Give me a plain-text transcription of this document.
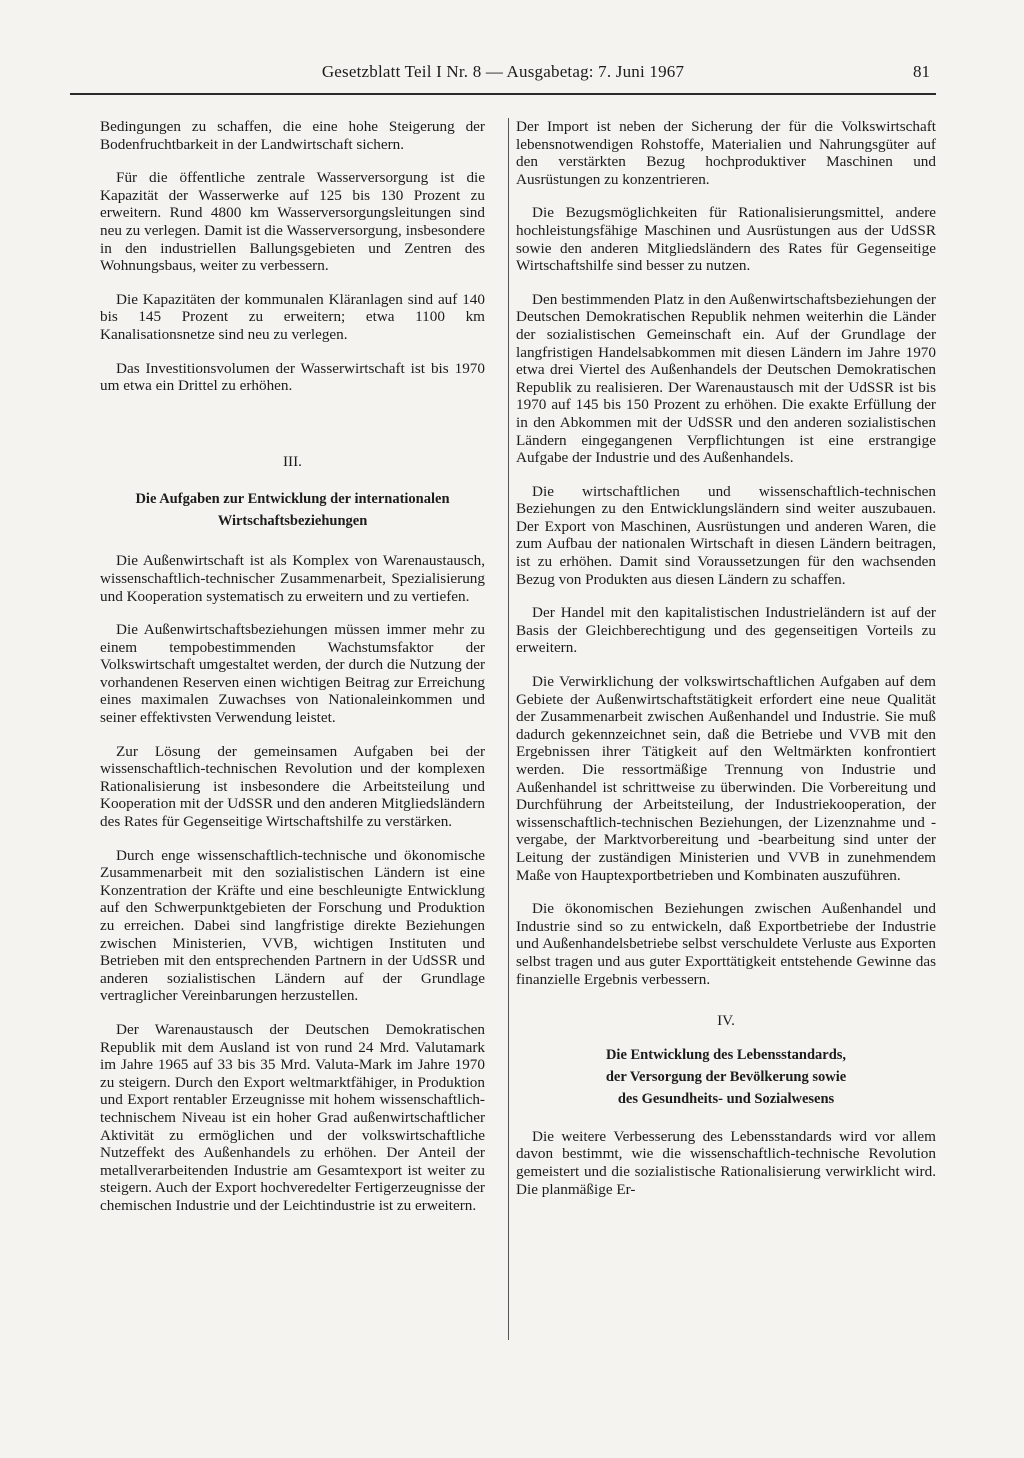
Gesetzblatt Teil I Nr. 8 — Ausgabetag: 7. Juni 1967	81

Bedingungen zu schaffen, die eine hohe Steigerung der Bodenfruchtbarkeit in der Landwirtschaft sichern.

Für die öffentliche zentrale Wasserversorgung ist die Kapazität der Wasserwerke auf 125 bis 130 Prozent zu erweitern. Rund 4800 km Wasserversorgungsleitungen sind neu zu verlegen. Damit ist die Wasserversorgung, insbesondere in den industriellen Ballungsgebieten und Zentren des Wohnungsbaus, weiter zu verbessern.

Die Kapazitäten der kommunalen Kläranlagen sind auf 140 bis 145 Prozent zu erweitern; etwa 1100 km Kanalisationsnetze sind neu zu verlegen.

Das Investitionsvolumen der Wasserwirtschaft ist bis 1970 um etwa ein Drittel zu erhöhen.

III.
Die Aufgaben zur Entwicklung der internationalen
Wirtschaftsbeziehungen

Die Außenwirtschaft ist als Komplex von Warenaustausch, wissenschaftlich-technischer Zusammenarbeit, Spezialisierung und Kooperation systematisch zu erweitern und zu vertiefen.

Die Außenwirtschaftsbeziehungen müssen immer mehr zu einem tempobestimmenden Wachstumsfaktor der Volkswirtschaft umgestaltet werden, der durch die Nutzung der vorhandenen Reserven einen wichtigen Beitrag zur Erreichung eines maximalen Zuwachses von Nationaleinkommen und seiner effektivsten Verwendung leistet.

Zur Lösung der gemeinsamen Aufgaben bei der wissenschaftlich-technischen Revolution und der komplexen Rationalisierung ist insbesondere die Arbeitsteilung und Kooperation mit der UdSSR und den anderen Mitgliedsländern des Rates für Gegenseitige Wirtschaftshilfe zu verstärken.

Durch enge wissenschaftlich-technische und ökonomische Zusammenarbeit mit den sozialistischen Ländern ist eine Konzentration der Kräfte und eine beschleunigte Entwicklung auf den Schwerpunktgebieten der Forschung und Produktion zu erreichen. Dabei sind langfristige direkte Beziehungen zwischen Ministerien, VVB, wichtigen Instituten und Betrieben mit den entsprechenden Partnern in der UdSSR und anderen sozialistischen Ländern auf der Grundlage vertraglicher Vereinbarungen herzustellen.

Der Warenaustausch der Deutschen Demokratischen Republik mit dem Ausland ist von rund 24 Mrd. Valutamark im Jahre 1965 auf 33 bis 35 Mrd. Valuta-Mark im Jahre 1970 zu steigern. Durch den Export weltmarktfähiger, in Produktion und Export rentabler Erzeugnisse mit hohem wissenschaftlich-technischem Niveau ist ein hoher Grad außenwirtschaftlicher Aktivität zu ermöglichen und der volkswirtschaftliche Nutzeffekt des Außenhandels zu erhöhen. Der Anteil der metallverarbeitenden Industrie am Gesamtexport ist weiter zu steigern. Auch der Export hochveredelter Fertigerzeugnisse der chemischen Industrie und der Leichtindustrie ist zu erweitern.

Der Import ist neben der Sicherung der für die Volkswirtschaft lebensnotwendigen Rohstoffe, Materialien und Nahrungsgüter auf den verstärkten Bezug hochproduktiver Maschinen und Ausrüstungen zu konzentrieren.

Die Bezugsmöglichkeiten für Rationalisierungsmittel, andere hochleistungsfähige Maschinen und Ausrüstungen aus der UdSSR sowie den anderen Mitgliedsländern des Rates für Gegenseitige Wirtschaftshilfe sind besser zu nutzen.

Den bestimmenden Platz in den Außenwirtschaftsbeziehungen der Deutschen Demokratischen Republik nehmen weiterhin die Länder der sozialistischen Gemeinschaft ein. Auf der Grundlage der langfristigen Handelsabkommen mit diesen Ländern im Jahre 1970 etwa drei Viertel des Außenhandels der Deutschen Demokratischen Republik zu realisieren. Der Warenaustausch mit der UdSSR ist bis 1970 auf 145 bis 150 Prozent zu erhöhen. Die exakte Erfüllung der in den Abkommen mit der UdSSR und den anderen sozialistischen Ländern eingegangenen Verpflichtungen ist eine erstrangige Aufgabe der Industrie und des Außenhandels.

Die wirtschaftlichen und wissenschaftlich-technischen Beziehungen zu den Entwicklungsländern sind weiter auszubauen. Der Export von Maschinen, Ausrüstungen und anderen Waren, die zum Aufbau der nationalen Wirtschaft in diesen Ländern beitragen, ist zu erhöhen. Damit sind Voraussetzungen für den wachsenden Bezug von Produkten aus diesen Ländern zu schaffen.

Der Handel mit den kapitalistischen Industrieländern ist auf der Basis der Gleichberechtigung und des gegenseitigen Vorteils zu erweitern.

Die Verwirklichung der volkswirtschaftlichen Aufgaben auf dem Gebiete der Außenwirtschaftstätigkeit erfordert eine neue Qualität der Zusammenarbeit zwischen Außenhandel und Industrie. Sie muß dadurch gekennzeichnet sein, daß die Betriebe und VVB mit den Ergebnissen ihrer Tätigkeit auf den Weltmärkten konfrontiert werden. Die ressortmäßige Trennung von Industrie und Außenhandel ist schrittweise zu überwinden. Die Vorbereitung und Durchführung der Arbeitsteilung, der Industriekooperation, der wissenschaftlich-technischen Beziehungen, der Lizenznahme und -vergabe, der Marktvorbereitung und -bearbeitung sind unter der Leitung der zuständigen Ministerien und VVB in zunehmendem Maße von Hauptexportbetrieben und Kombinaten auszuführen.

Die ökonomischen Beziehungen zwischen Außenhandel und Industrie sind so zu entwickeln, daß Exportbetriebe der Industrie und Außenhandelsbetriebe selbst verschuldete Verluste aus Exporten selbst tragen und aus guter Exporttätigkeit entstehende Gewinne das finanzielle Ergebnis verbessern.

IV.
Die Entwicklung des Lebensstandards,
der Versorgung der Bevölkerung sowie
des Gesundheits- und Sozialwesens

Die weitere Verbesserung des Lebensstandards wird vor allem davon bestimmt, wie die wissenschaftlich-technische Revolution gemeistert und die sozialistische Rationalisierung verwirklicht wird. Die planmäßige Er-
